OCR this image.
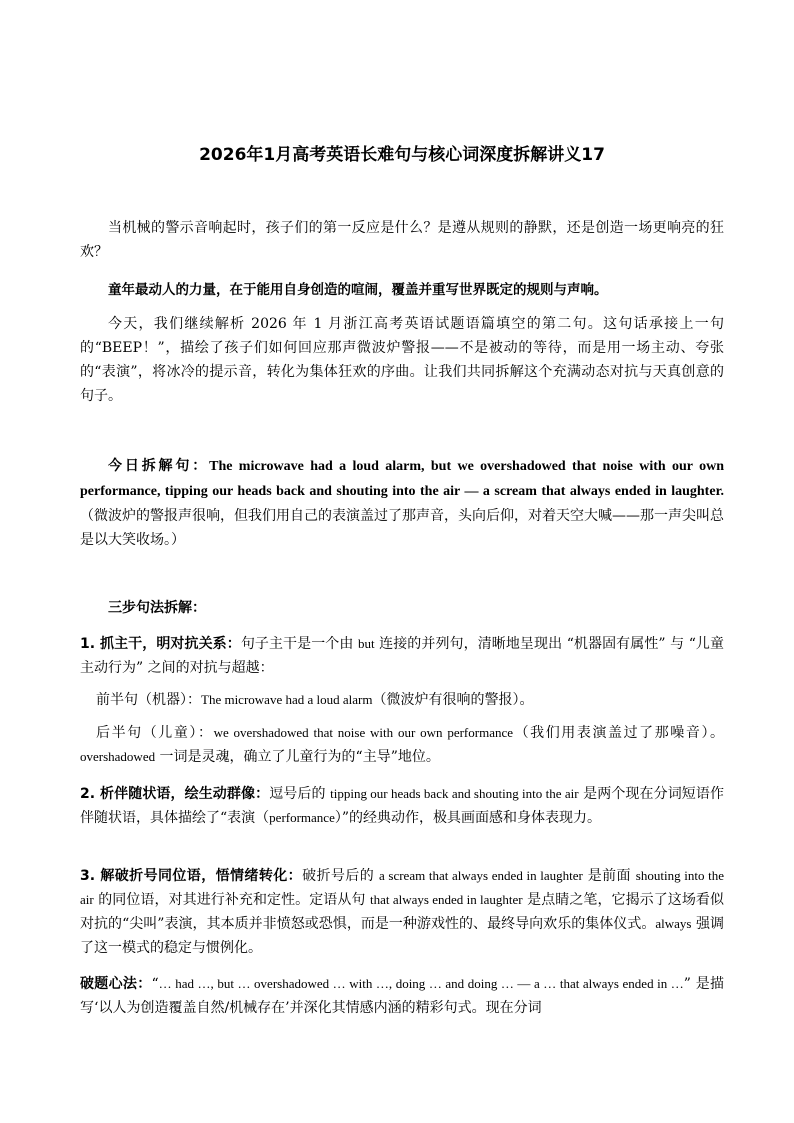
2026年1月高考英语长难句与核心词深度拆解讲义17

当机械的警示音响起时，孩子们的第一反应是什么？是遵从规则的静默，还是创造一场更响亮的狂欢？

童年最动人的力量，在于能用自身创造的喧闹，覆盖并重写世界既定的规则与声响。

今天，我们继续解析 2026 年 1 月浙江高考英语试题语篇填空的第二句。这句话承接上一句的“BEEP！”，描绘了孩子们如何回应那声微波炉警报——不是被动的等待，而是用一场主动、夸张的“表演”，将冰冷的提示音，转化为集体狂欢的序曲。让我们共同拆解这个充满动态对抗与天真创意的句子。

今日拆解句：The microwave had a loud alarm, but we overshadowed that noise with our own performance, tipping our heads back and shouting into the air — a scream that always ended in laughter. （微波炉的警报声很响，但我们用自己的表演盖过了那声音，头向后仰，对着天空大喊——那一声尖叫总是以大笑收场。）

三步句法拆解：

1. 抓主干，明对抗关系：句子主干是一个由 but 连接的并列句，清晰地呈现出 “机器固有属性” 与 “儿童主动行为” 之间的对抗与超越：

前半句（机器）：The microwave had a loud alarm（微波炉有很响的警报）。

后半句（儿童）：we overshadowed that noise with our own performance（我们用表演盖过了那噪音）。overshadowed 一词是灵魂，确立了儿童行为的“主导”地位。

2. 析伴随状语，绘生动群像：逗号后的 tipping our heads back and shouting into the air 是两个现在分词短语作伴随状语，具体描绘了“表演（performance）”的经典动作，极具画面感和身体表现力。

3. 解破折号同位语，悟情绪转化：破折号后的 a scream that always ended in laughter 是前面 shouting into the air 的同位语，对其进行补充和定性。定语从句 that always ended in laughter 是点睛之笔，它揭示了这场看似对抗的“尖叫”表演，其本质并非愤怒或恐惧，而是一种游戏性的、最终导向欢乐的集体仪式。always 强调了这一模式的稳定与惯例化。

破题心法：“… had …, but … overshadowed … with …, doing … and doing … — a … that always ended in …” 是描写‘以人为创造覆盖自然/机械存在’并深化其情感内涵的精彩句式。现在分词
